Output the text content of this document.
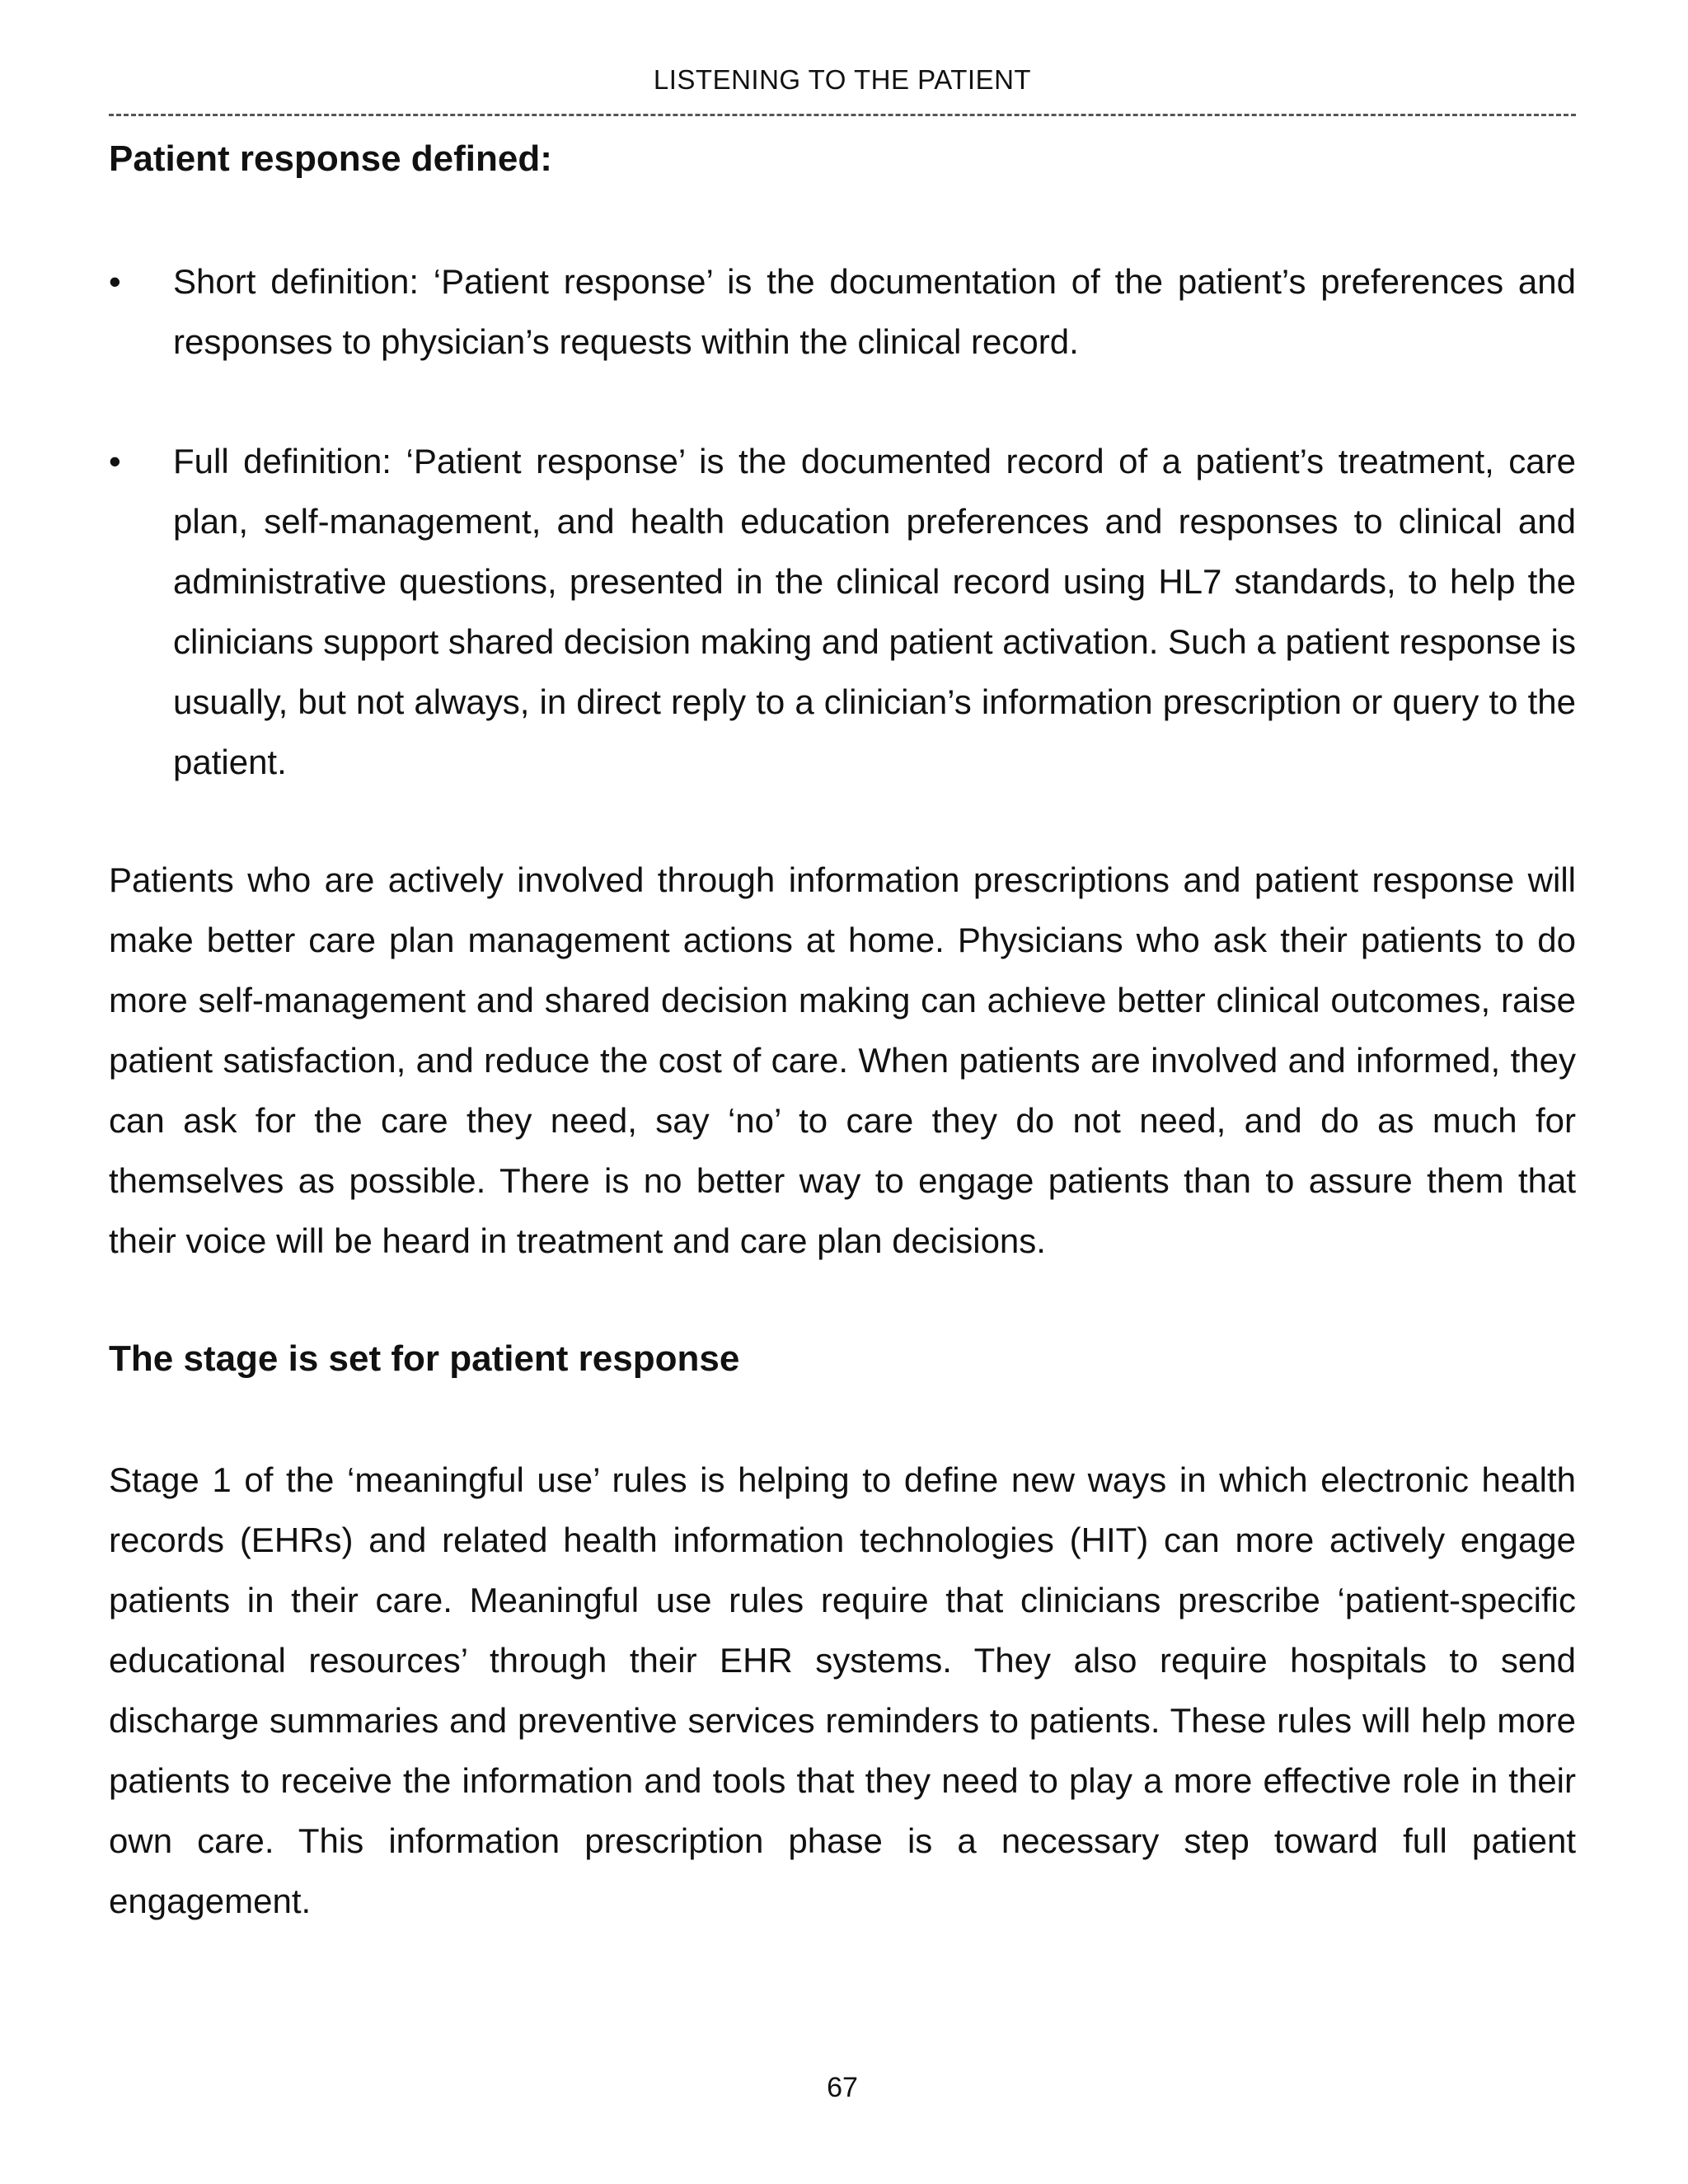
LISTENING TO THE PATIENT
Patient response defined:
• Short definition: ‘Patient response’ is the documentation of the patient’s preferences and responses to physician’s requests within the clinical record.
• Full definition: ‘Patient response’ is the documented record of a patient’s treatment, care plan, self-management, and health education preferences and responses to clinical and administrative questions, presented in the clinical record using HL7 standards, to help the clinicians support shared decision making and patient activation. Such a patient response is usually, but not always, in direct reply to a clinician’s information prescription or query to the patient.

Patients who are actively involved through information prescriptions and patient response will make better care plan management actions at home. Physicians who ask their patients to do more self-management and shared decision making can achieve better clinical outcomes, raise patient satisfaction, and reduce the cost of care. When patients are involved and informed, they can ask for the care they need, say ‘no’ to care they do not need, and do as much for themselves as possible. There is no better way to engage patients than to assure them that their voice will be heard in treatment and care plan decisions.

The stage is set for patient response

Stage 1 of the ‘meaningful use’ rules is helping to define new ways in which electronic health records (EHRs) and related health information technologies (HIT) can more actively engage patients in their care. Meaningful use rules require that clinicians prescribe ‘patient-specific educational resources’ through their EHR systems. They also require hospitals to send discharge summaries and preventive services reminders to patients. These rules will help more patients to receive the information and tools that they need to play a more effective role in their own care. This information prescription phase is a necessary step toward full patient engagement.

67
